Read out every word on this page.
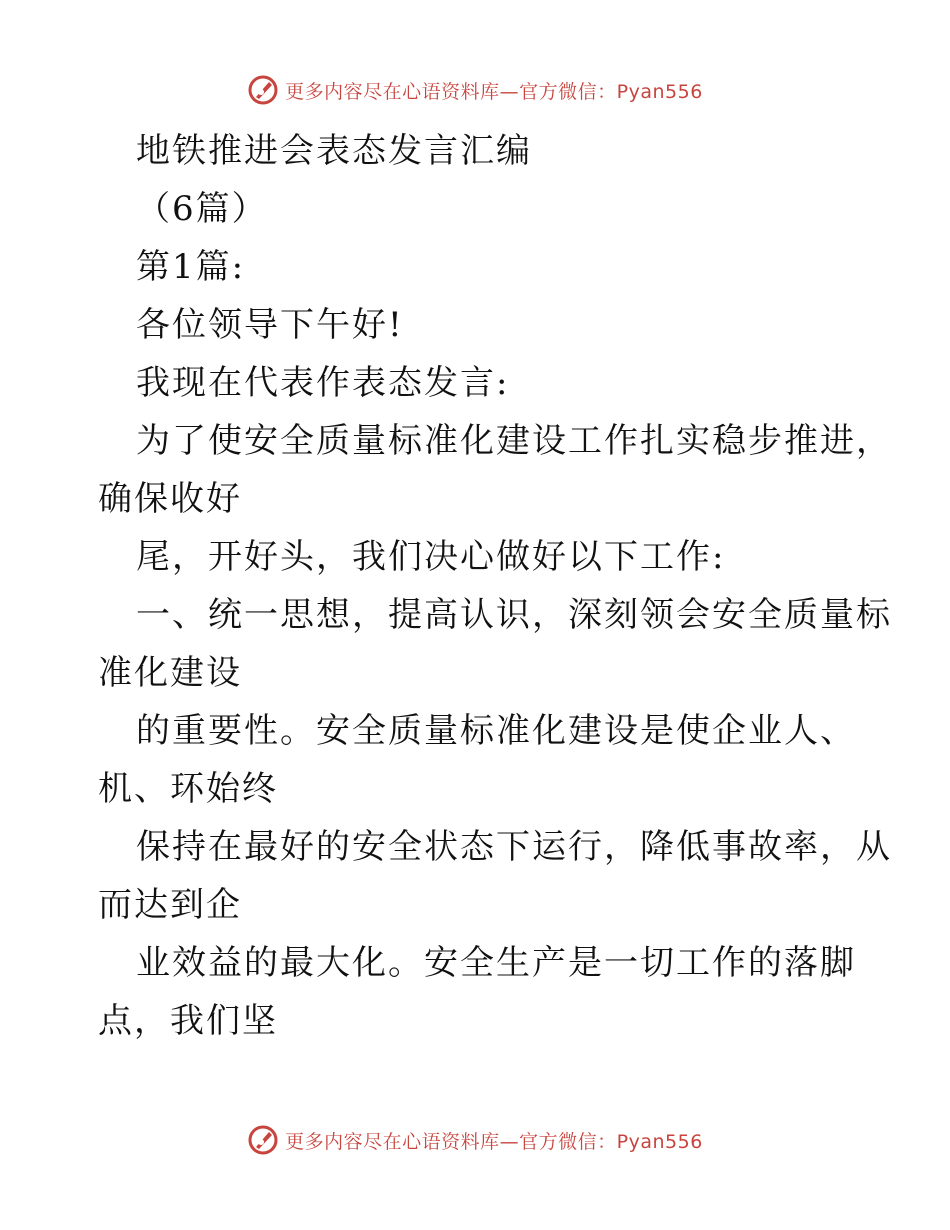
更多内容尽在心语资料库—官方微信：Pyan556
地铁推进会表态发言汇编
（6篇）
第1篇:
各位领导下午好!
我现在代表作表态发言:
为了使安全质量标准化建设工作扎实稳步推进，
确保收好
尾，开好头，我们决心做好以下工作:
一、统一思想，提高认识，深刻领会安全质量标
准化建设
的重要性。安全质量标准化建设是使企业人、
机、环始终
保持在最好的安全状态下运行，降低事故率，从
而达到企
业效益的最大化。安全生产是一切工作的落脚
点，我们坚
更多内容尽在心语资料库—官方微信：Pyan556
